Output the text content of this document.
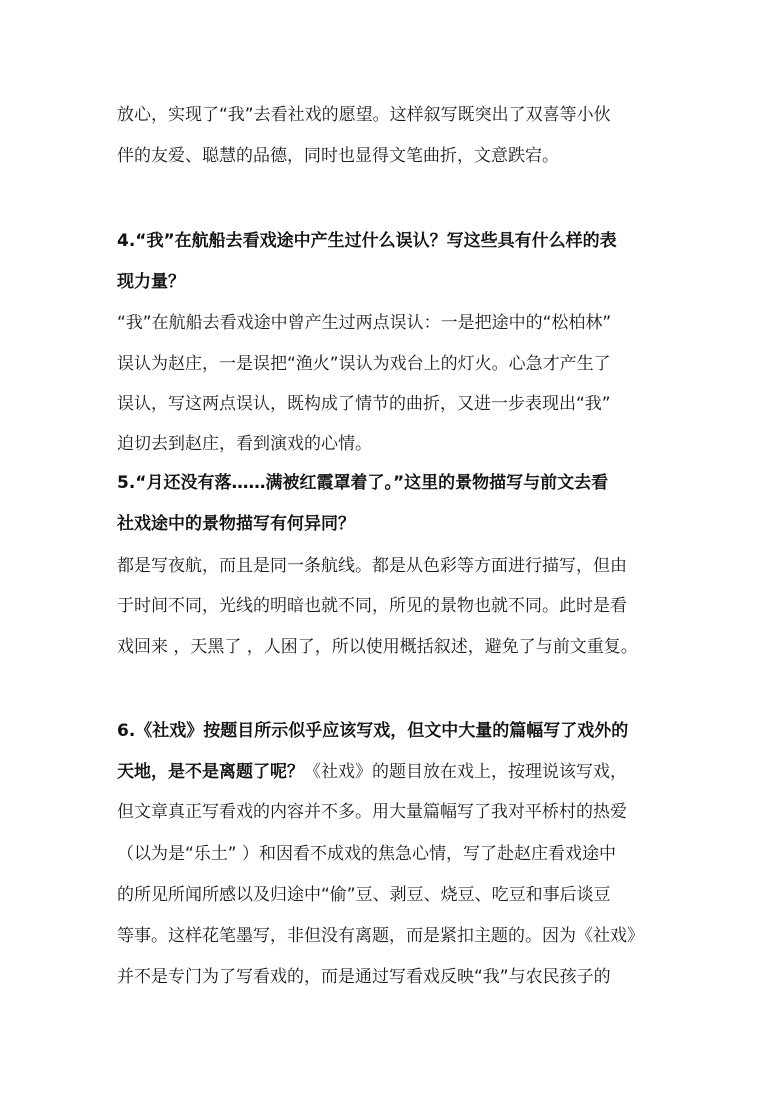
放心，实现了“我”去看社戏的愿望。这样叙写既突出了双喜等小伙
伴的友爱、聪慧的品德，同时也显得文笔曲折，文意跌宕。
4.“我”在航船去看戏途中产生过什么误认？写这些具有什么样的表
现力量？
“我”在航船去看戏途中曾产生过两点误认：一是把途中的“松柏林”
误认为赵庄，一是误把“渔火”误认为戏台上的灯火。心急才产生了
误认，写这两点误认，既构成了情节的曲折，又进一步表现出“我”
迫切去到赵庄，看到演戏的心情。
5.“月还没有落……满被红霞罩着了。”这里的景物描写与前文去看
社戏途中的景物描写有何异同？
都是写夜航，而且是同一条航线。都是从色彩等方面进行描写，但由
于时间不同，光线的明暗也就不同，所见的景物也就不同。此时是看
戏回来 ，天黑了 ，人困了，所以使用概括叙述，避免了与前文重复。
6.《社戏》按题目所示似乎应该写戏，但文中大量的篇幅写了戏外的
天地，是不是离题了呢？《社戏》的题目放在戏上，按理说该写戏，
但文章真正写看戏的内容并不多。用大量篇幅写了我对平桥村的热爱
（以为是“乐土” ）和因看不成戏的焦急心情，写了赴赵庄看戏途中
的所见所闻所感以及归途中“偷”豆、剥豆、烧豆、吃豆和事后谈豆
等事。这样花笔墨写，非但没有离题，而是紧扣主题的。因为《社戏》
并不是专门为了写看戏的，而是通过写看戏反映“我”与农民孩子的
